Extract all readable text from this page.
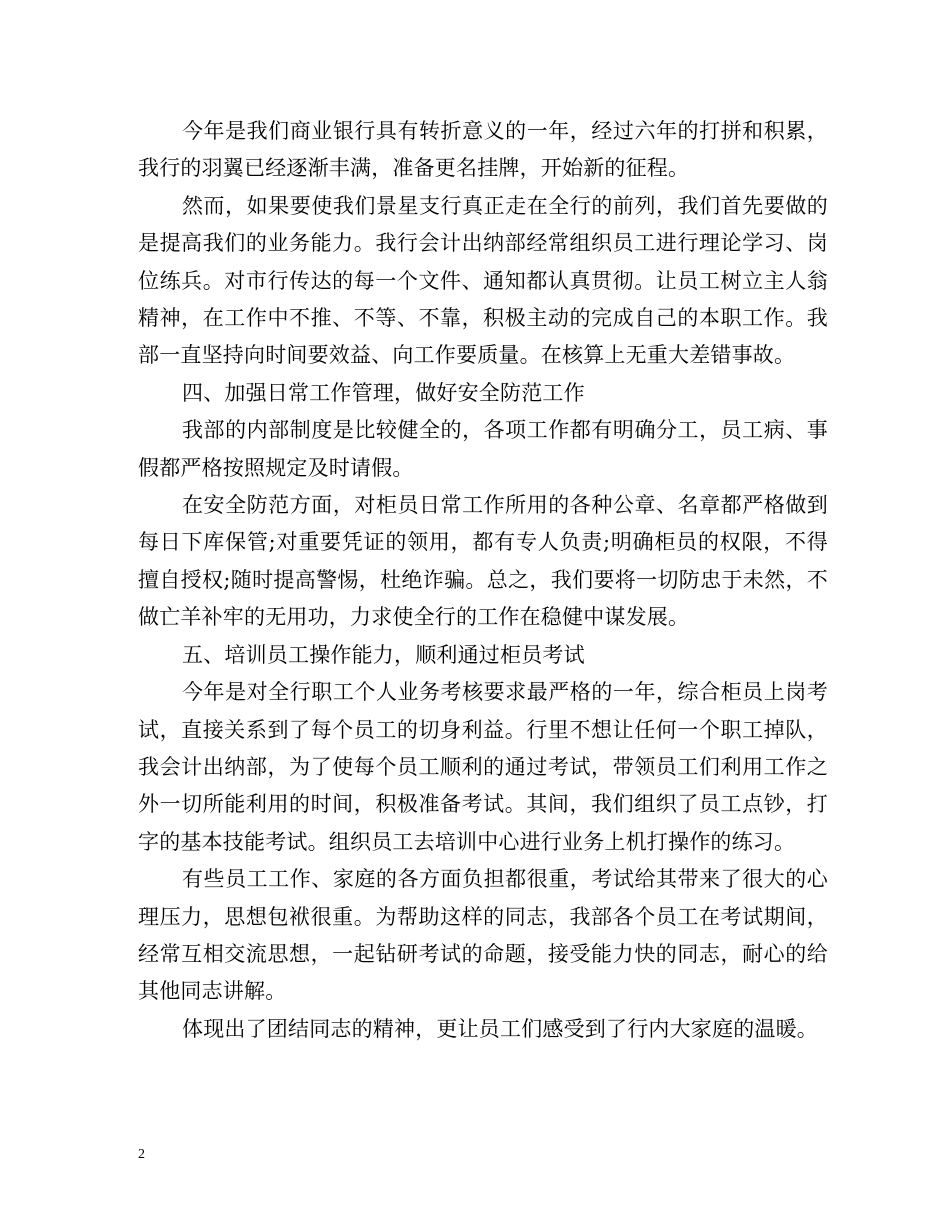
今年是我们商业银行具有转折意义的一年，经过六年的打拼和积累，我行的羽翼已经逐渐丰满，准备更名挂牌，开始新的征程。

然而，如果要使我们景星支行真正走在全行的前列，我们首先要做的是提高我们的业务能力。我行会计出纳部经常组织员工进行理论学习、岗位练兵。对市行传达的每一个文件、通知都认真贯彻。让员工树立主人翁精神，在工作中不推、不等、不靠，积极主动的完成自己的本职工作。我部一直坚持向时间要效益、向工作要质量。在核算上无重大差错事故。

四、加强日常工作管理，做好安全防范工作

我部的内部制度是比较健全的，各项工作都有明确分工，员工病、事假都严格按照规定及时请假。

在安全防范方面，对柜员日常工作所用的各种公章、名章都严格做到每日下库保管;对重要凭证的领用，都有专人负责;明确柜员的权限，不得擅自授权;随时提高警惕，杜绝诈骗。总之，我们要将一切防忠于未然，不做亡羊补牢的无用功，力求使全行的工作在稳健中谋发展。

五、培训员工操作能力，顺利通过柜员考试

今年是对全行职工个人业务考核要求最严格的一年，综合柜员上岗考试，直接关系到了每个员工的切身利益。行里不想让任何一个职工掉队，我会计出纳部，为了使每个员工顺利的通过考试，带领员工们利用工作之外一切所能利用的时间，积极准备考试。其间，我们组织了员工点钞，打字的基本技能考试。组织员工去培训中心进行业务上机打操作的练习。

有些员工工作、家庭的各方面负担都很重，考试给其带来了很大的心理压力，思想包袱很重。为帮助这样的同志，我部各个员工在考试期间，经常互相交流思想，一起钻研考试的命题，接受能力快的同志，耐心的给其他同志讲解。

体现出了团结同志的精神，更让员工们感受到了行内大家庭的温暖。

2
